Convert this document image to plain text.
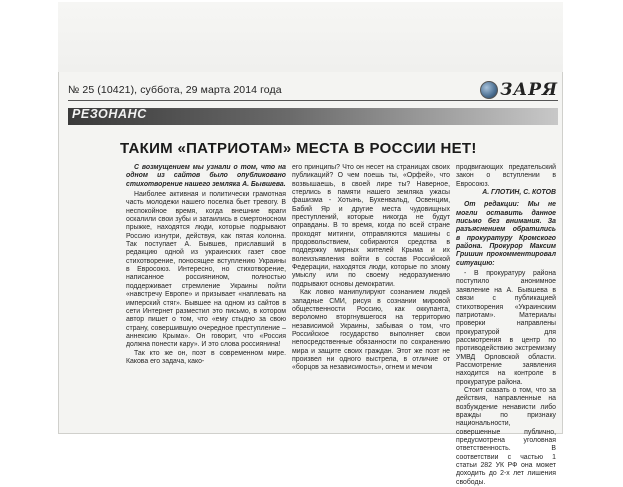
№ 25 (10421), суббота, 29 марта 2014 года	ЗАРЯ
РЕЗОНАНС
ТАКИМ «ПАТРИОТАМ» МЕСТА В РОССИИ НЕТ!

С возмущением мы узнали о том, что на одном из сайтов было опубликовано стихотворение нашего земляка А. Бывшева.

Наиболее активная и политически грамотная часть молодежи нашего поселка бьет тревогу. В неспокойное время, когда внешние враги оскалили свои зубы и затаились в смертоносном прыжке, находятся люди, которые подрывают Россию изнутри, действуя, как пятая колонна. Так поступает А. Бывшев, приславший в редакцию одной из украинских газет свое стихотворение, поносящее вступлению Украины в Евросоюз. Интересно, но стихотворение, написанное россиянином, полностью поддерживает стремление Украины пойти «навстречу Европе» и призывает «наплевать на имперский стяг». Бывшее на одном из сайтов в сети Интернет разместил это письмо, в котором автор пишет о том, что «ему стыдно за свою страну, совершившую очередное преступление – аннексию Крыма». Он говорит, что «Россия должна понести кару». И это слова россиянина!

Так кто же он, поэт в современном мире. Какова его задача, како-

его принципы? Что он несет на страницах своих публикаций? О чем поешь ты, «Орфей», что возвышаешь, в своей лире ты? Наверное, стерлись в памяти нашего земляка ужасы фашизма - Хотынь, Бухенвальд, Освенцим, Бабий Яр и другие места чудовищных преступлений, которые никогда не будут оправданы. В то время, когда по всей стране проходят митинги, отправляются машины с продовольствием, собираются средства в поддержку мирных жителей Крыма и их волеизъявления войти в состав Российской Федерации, находятся люди, которые по злому умыслу или по своему недоразумению подрывают основы демократии.

Как ловко манипулируют сознанием людей западные СМИ, рисуя в сознании мировой общественности Россию, как оккупанта, вероломно вторгнувшегося на территорию независимой Украины, забывая о том, что Российское государство выполняет свои непосредственные обязанности по сохранению мира и защите своих граждан. Этот же поэт не произвел ни одного выстрела, в отличие от «борцов за независимость», огнем и мечом

продвигающих предательский закон о вступлении в Евросоюз.

А. ГЛОТИН, С. КОТОВ

От редакции: Мы не могли оставить данное письмо без внимания. За разъяснением обратились в прокуратуру Кромского района. Прокурор Максим Гришин прокомментировал ситуацию:

- В прокуратуру района поступило анонимное заявление на А. Бывшева в связи с публикацией стихотворения «Украинским патриотам». Материалы проверки направлены прокуратурой для рассмотрения в центр по противодействию экстремизму УМВД Орловской области. Рассмотрение заявления находится на контроле в прокуратуре района.

Стоит сказать о том, что за действия, направленные на возбуждение ненависти либо вражды по признаку национальности, совершенные публично, предусмотрена уголовная ответственность. В соответствии с частью 1 статьи 282 УК РФ она может доходить до 2-х лет лишения свободы.
